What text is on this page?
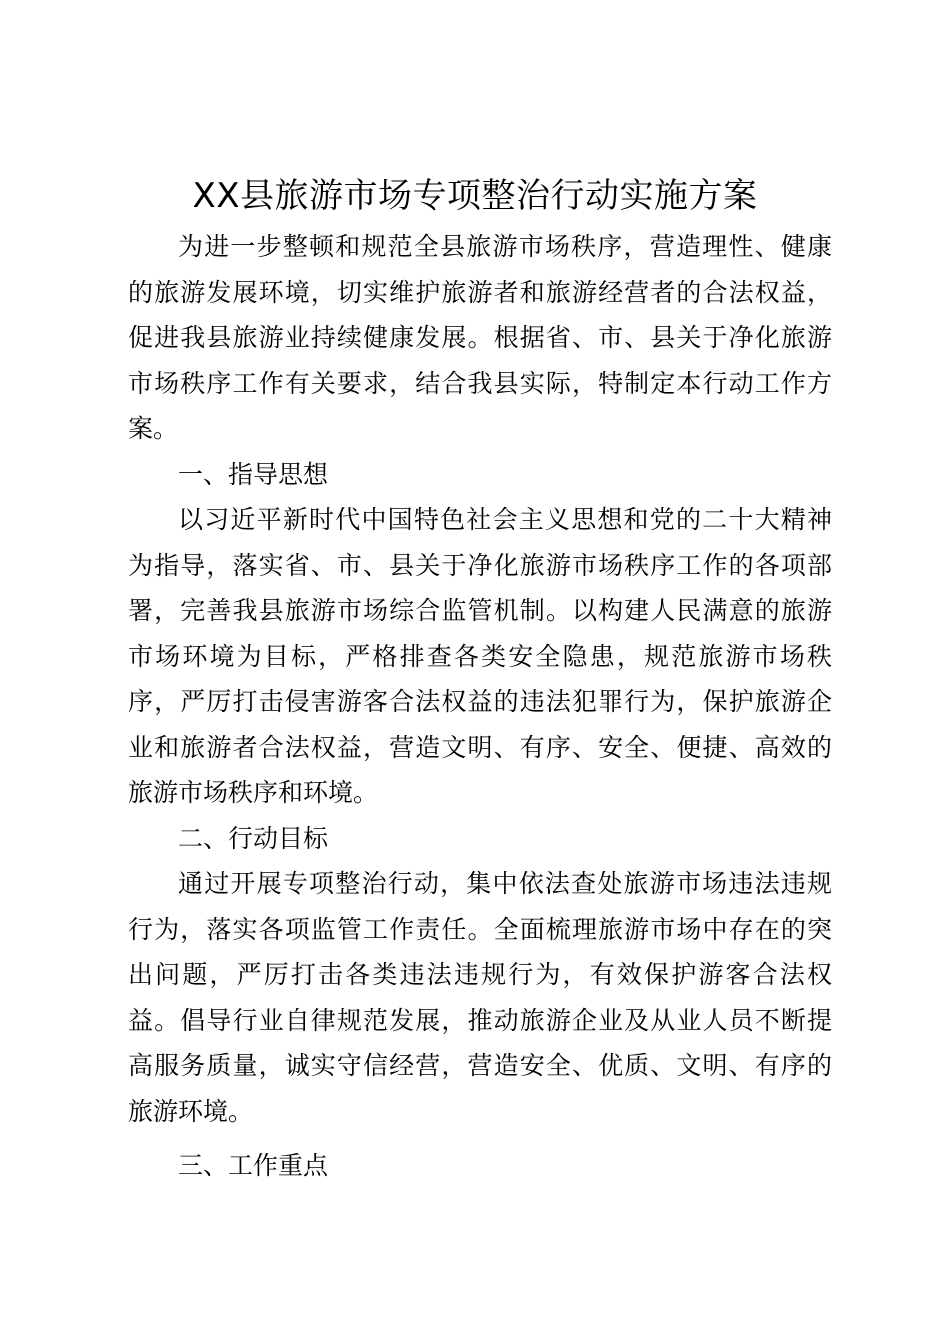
XX县旅游市场专项整治行动实施方案
为进一步整顿和规范全县旅游市场秩序，营造理性、健康
的旅游发展环境，切实维护旅游者和旅游经营者的合法权益，
促进我县旅游业持续健康发展。根据省、市、县关于净化旅游
市场秩序工作有关要求，结合我县实际，特制定本行动工作方
案。
一、指导思想
以习近平新时代中国特色社会主义思想和党的二十大精神
为指导，落实省、市、县关于净化旅游市场秩序工作的各项部
署，完善我县旅游市场综合监管机制。以构建人民满意的旅游
市场环境为目标，严格排查各类安全隐患，规范旅游市场秩
序，严厉打击侵害游客合法权益的违法犯罪行为，保护旅游企
业和旅游者合法权益，营造文明、有序、安全、便捷、高效的
旅游市场秩序和环境。
二、行动目标
通过开展专项整治行动，集中依法查处旅游市场违法违规
行为，落实各项监管工作责任。全面梳理旅游市场中存在的突
出问题，严厉打击各类违法违规行为，有效保护游客合法权
益。倡导行业自律规范发展，推动旅游企业及从业人员不断提
高服务质量，诚实守信经营，营造安全、优质、文明、有序的
旅游环境。
三、工作重点
